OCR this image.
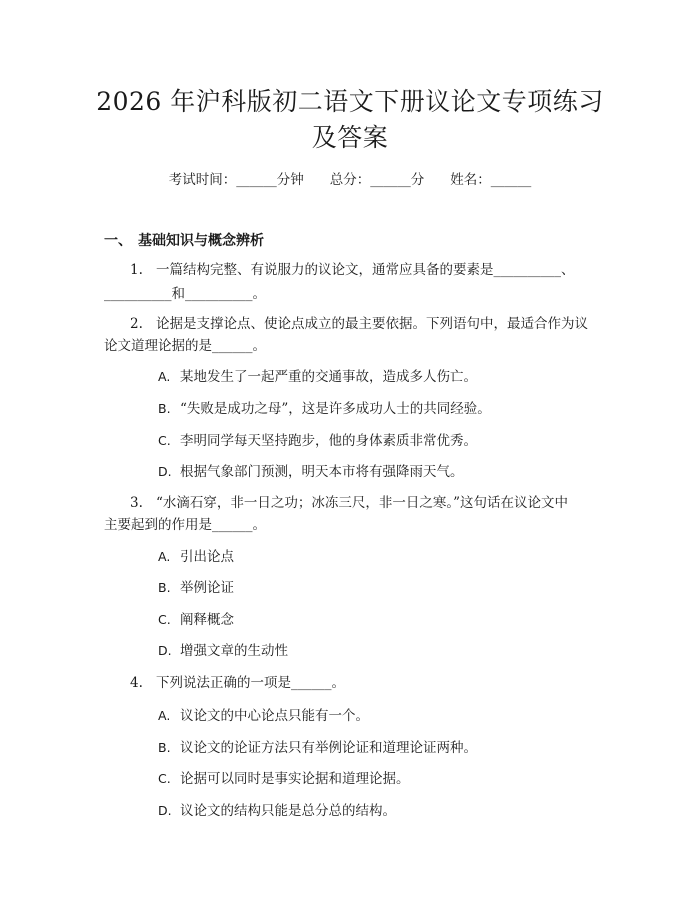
2026 年沪科版初二语文下册议论文专项练习
及答案
考试时间：______分钟 总分：______分 姓名：______
一、 基础知识与概念辨析
1. 一篇结构完整、有说服力的议论文，通常应具备的要素是__________、
__________和__________。
2. 论据是支撑论点、使论点成立的最主要依据。下列语句中，最适合作为议
论文道理论据的是______。
A. 某地发生了一起严重的交通事故，造成多人伤亡。
B. “失败是成功之母”，这是许多成功人士的共同经验。
C. 李明同学每天坚持跑步，他的身体素质非常优秀。
D. 根据气象部门预测，明天本市将有强降雨天气。
3. “水滴石穿，非一日之功；冰冻三尺，非一日之寒。”这句话在议论文中
主要起到的作用是______。
A. 引出论点
B. 举例论证
C. 阐释概念
D. 增强文章的生动性
4. 下列说法正确的一项是______。
A. 议论文的中心论点只能有一个。
B. 议论文的论证方法只有举例论证和道理论证两种。
C. 论据可以同时是事实论据和道理论据。
D. 议论文的结构只能是总分总的结构。
